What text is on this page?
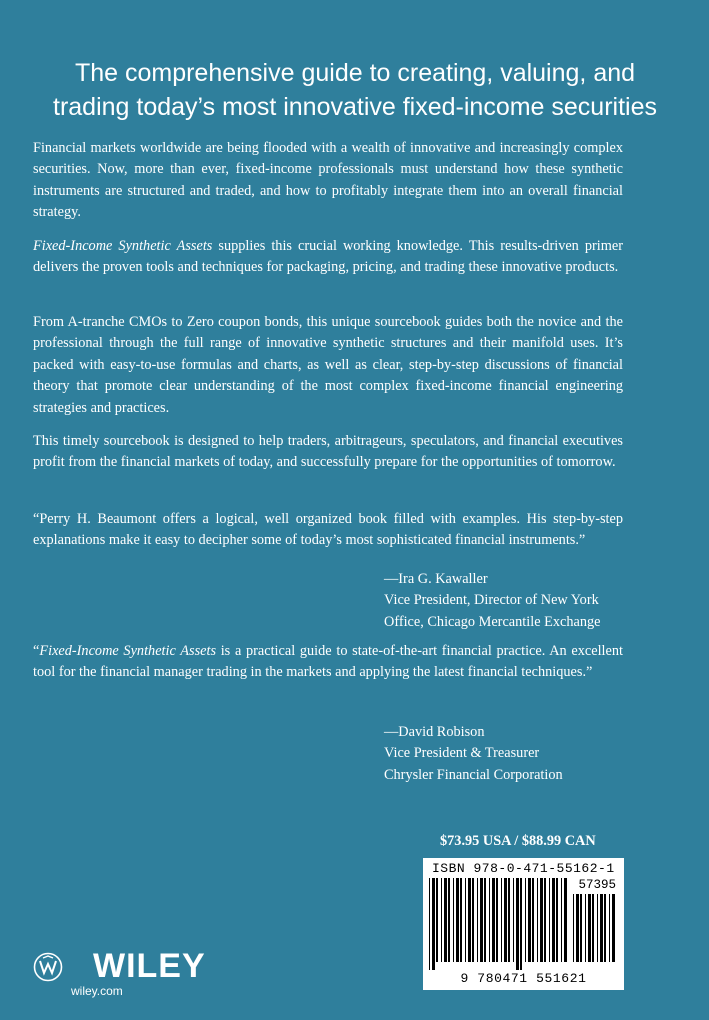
The comprehensive guide to creating, valuing, and
trading today’s most innovative fixed-income securities

Financial markets worldwide are being flooded with a wealth of innovative and increasingly complex securities. Now, more than ever, fixed-income professionals must understand how these synthetic instruments are structured and traded, and how to profitably integrate them into an overall financial strategy.

Fixed-Income Synthetic Assets supplies this crucial working knowledge. This results-driven primer delivers the proven tools and techniques for packaging, pricing, and trading these innovative products.

From A-tranche CMOs to Zero coupon bonds, this unique sourcebook guides both the novice and the professional through the full range of innovative synthetic structures and their manifold uses. It’s packed with easy-to-use formulas and charts, as well as clear, step-by-step discussions of financial theory that promote clear understanding of the most complex fixed-income financial engineering strategies and practices.

This timely sourcebook is designed to help traders, arbitrageurs, speculators, and financial executives profit from the financial markets of today, and successfully prepare for the opportunities of tomorrow.

“Perry H. Beaumont offers a logical, well organized book filled with examples. His step-by-step explanations make it easy to decipher some of today’s most sophisticated financial instruments.”

—Ira G. Kawaller
Vice President, Director of New York
Office, Chicago Mercantile Exchange

“Fixed-Income Synthetic Assets is a practical guide to state-of-the-art financial practice. An excellent tool for the financial manager trading in the markets and applying the latest financial techniques.”

—David Robison
Vice President & Treasurer
Chrysler Financial Corporation
$73.95 USA / $88.99 CAN
ISBN 978-0-471-55162-1
57395
9 780471 551621
WILEY
wiley.com
